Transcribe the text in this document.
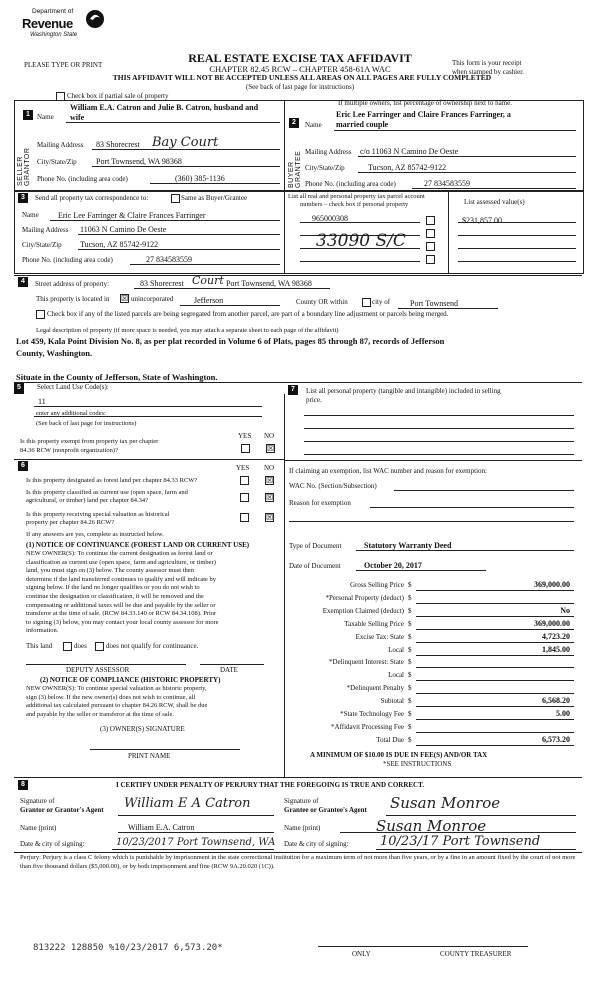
Department of
Revenue
Washington State
PLEASE TYPE OR PRINT	REAL ESTATE EXCISE TAX AFFIDAVIT
CHAPTER 82.45 RCW – CHAPTER 458-61A WAC
THIS AFFIDAVIT WILL NOT BE ACCEPTED UNLESS ALL AREAS ON ALL PAGES ARE FULLY COMPLETED
(See back of last page for instructions)
This form is your receipt
when stamped by cashier.
Check box if partial sale of property
If multiple owners, list percentage of ownership next to name.
SELLER GRANTOR
1	Name
William E.A. Catron and Julie B. Catron, husband and
wife
Mailing Address 83 Shorecrest Bay Court
City/State/Zip Port Townsend, WA 98368
Phone No. (including area code)	(360) 385-1136	BUYER GRANTEE
2	Name
Eric Lee Farringer and Claire Frances Farringer, a
married couple
Mailing Address c/o 11063 N Camino De Oeste
City/State/Zip	Tucson, AZ 85742-9122
Phone No. (including area code)	27 834583559
3	Send all property tax correspondence to:	Same as Buyer/Grantee
Name Eric Lee Farringer & Claire Frances Farringer
Mailing Address 11063 N Camino De Oeste
City/State/Zip Tucson, AZ 85742-9122
Phone No. (including area code)	27 834583559
List all real and personal property tax parcel account
numbers – check box if personal property	List assessed value(s)
965000308	$231,857.00
33090 S/C
4	Street address of property:	83 Shorecrest Court Port Townsend, WA 98368
This property is located in ☒ unincorporated	Jefferson	County OR within	city of Port Townsend
Check box if any of the listed parcels are being segregated from another parcel, are part of a boundary line adjustment or parcels being merged.
Legal description of property (if more space is needed, you may attach a separate sheet to each page of the affidavit)
Lot 459, Kala Point Division No. 8, as per plat recorded in Volume 6 of Plats, pages 85 through 87, records of Jefferson
County, Washington.
Situate in the County of Jefferson, State of Washington.
5	Select Land Use Code(s):
11
enter any additional codes:
(See back of last page for instructions)
YES NO
Is this property exempt from property tax per chapter
84.36 RCW (nonprofit organization)?	☒
6	YES NO
Is this property designated as forest land per chapter 84.33 RCW?	☒
Is this property classified as current use (open space, farm and
agricultural, or timber) land per chapter 84.34?	☒
Is this property receiving special valuation as historical
property per chapter 84.26 RCW?
☒
If any answers are yes, complete as instructed below.
(1) NOTICE OF CONTINUANCE (FOREST LAND OR CURRENT USE)
NEW OWNER(S): To continue the current designation as forest land or
classification as current use (open space, farm and agriculture, or timber)
land, you must sign on (3) below. The county assessor must then
determine if the land transferred continues to qualify and will indicate by
signing below. If the land no longer qualifies or you do not wish to
continue the designation or classification, it will be removed and the
compensating or additional taxes will be due and payable by the seller or
transferor at the time of sale. (RCW 84.33.140 or RCW 84.34.108). Prior
to signing (3) below, you may contact your local county assessor for more
information.
This land	does	does not qualify for continuance.
DEPUTY ASSESSOR	DATE
(2) NOTICE OF COMPLIANCE (HISTORIC PROPERTY)
NEW OWNER(S): To continue special valuation as historic property,
sign (3) below. If the new owner(s) does not wish to continue, all
additional tax calculated pursuant to chapter 84.26 RCW, shall be due
and payable by the seller or transferor at the time of sale.
(3) OWNER(S) SIGNATURE
PRINT NAME
7	List all personal property (tangible and intangible) included in selling
price.
If claiming an exemption, list WAC number and reason for exemption:
WAC No. (Section/Subsection)
Reason for exemption
Type of Document	Statutory Warranty Deed
Date of Document	October 20, 2017
Gross Selling Price $	369,000.00
*Personal Property (deduct) $
Exemption Claimed (deduct) $	No
Taxable Selling Price $	369,000.00
Excise Tax: State $	4,723.20
Local $	1,845.00
*Delinquent Interest: State $
Local $
*Delinquent Penalty $
Subtotal $	6,568.20
*State Technology Fee $	5.00
*Affidavit Processing Fee $
Total Due $	6,573.20
A MINIMUM OF $10.00 IS DUE IN FEE(S) AND/OR TAX
*SEE INSTRUCTIONS
8	I CERTIFY UNDER PENALTY OF PERJURY THAT THE FOREGOING IS TRUE AND CORRECT.
Signature of
Grantor or Grantor's Agent William E A Catron	Signature of
Grantee or Grantee's Agent Susan Monroe
Name (print)	William E.A. Catron	Name (print)	Susan Monroe
Date & city of signing:	10/23/2017 Port Townsend, WA Date & city of signing: 10/23/17 Port Townsend
Perjury: Perjury is a class C felony which is punishable by imprisonment in the state correctional institution for a maximum term of not more than five years, or by a fine in an amount fixed by the court of not more than five thousand dollars ($5,000.00), or by both imprisonment and fine (RCW 9A.20.020 (1C)).
813222 128850 %10/23/2017 6,573.20*
ONLY	COUNTY TREASURER
